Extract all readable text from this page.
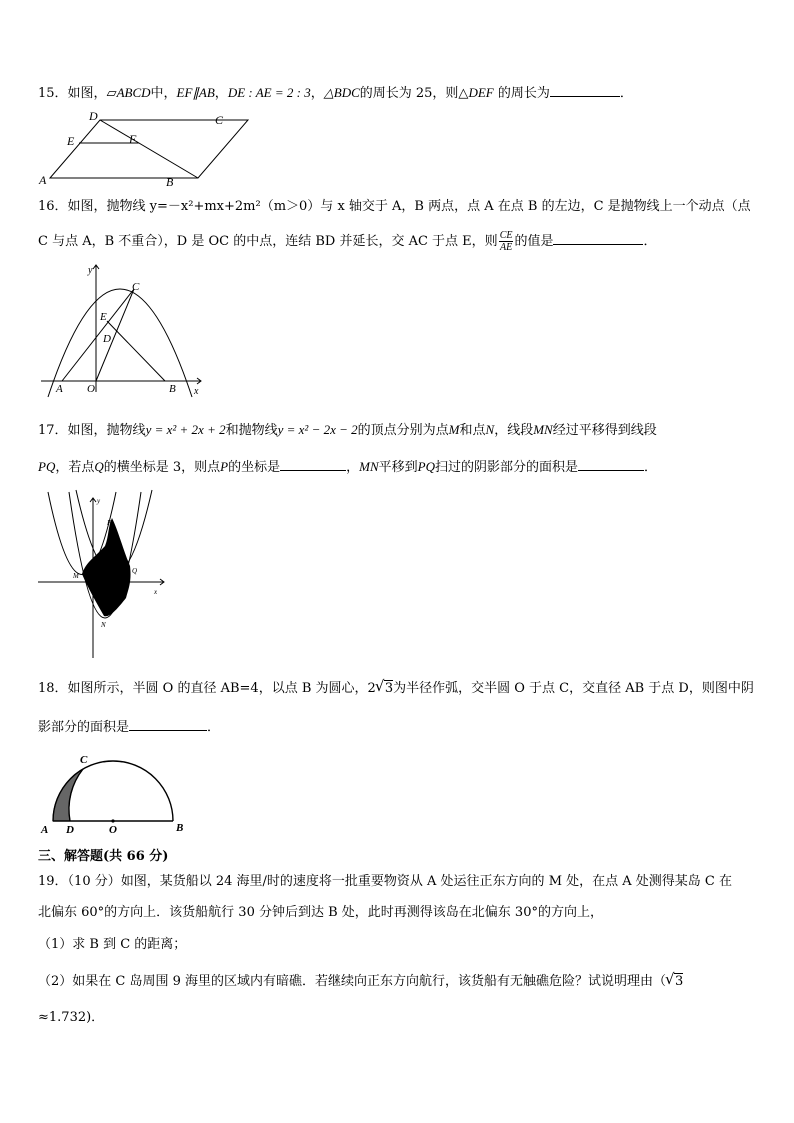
15．如图，▱ABCD中，EF∥AB，DE : AE = 2 : 3，△BDC的周长为 25，则△DEF 的周长为	．
D	C
E	F
A	B
16．如图，抛物线 y=－x²+mx+2m²（m＞0）与 x 轴交于 A，B 两点，点 A 在点 B 的左边，C 是抛物线上一个动点（点
C 与点 A，B 不重合），D 是 OC 的中点，连结 BD 并延长，交 AC 于点 E，则 $\frac{CE}{AE}$ 的值是	．
y
x
A O	B
C
E
D
17．如图，抛物线y = x² + 2x + 2和抛物线y = x² − 2x − 2的顶点分别为点M和点N，线段MN经过平移得到线段
PQ，若点Q的横坐标是 3，则点P的坐标是	，MN平移到PQ扫过的阴影部分的面积是	．
y
x
M
N
P
Q
18．如图所示，半圆 O 的直径 AB=4，以点 B 为圆心，2 √ 3为半径作弧，交半圆 O 于点 C，交直径 AB 于点 D，则图中阴
影部分的面积是	．
C
A D	O	B
三、解答题(共 66 分)
19．（10 分）如图，某货船以 24 海里/时的速度将一批重要物资从 A 处运往正东方向的 M 处，在点 A 处测得某岛 C 在
北偏东 60°的方向上．该货船航行 30 分钟后到达 B 处，此时再测得该岛在北偏东 30°的方向上，
（1）求 B 到 C 的距离；
（2）如果在 C 岛周围 9 海里的区域内有暗礁．若继续向正东方向航行，该货船有无触礁危险？试说明理由（ √ 3
≈1.732)．
